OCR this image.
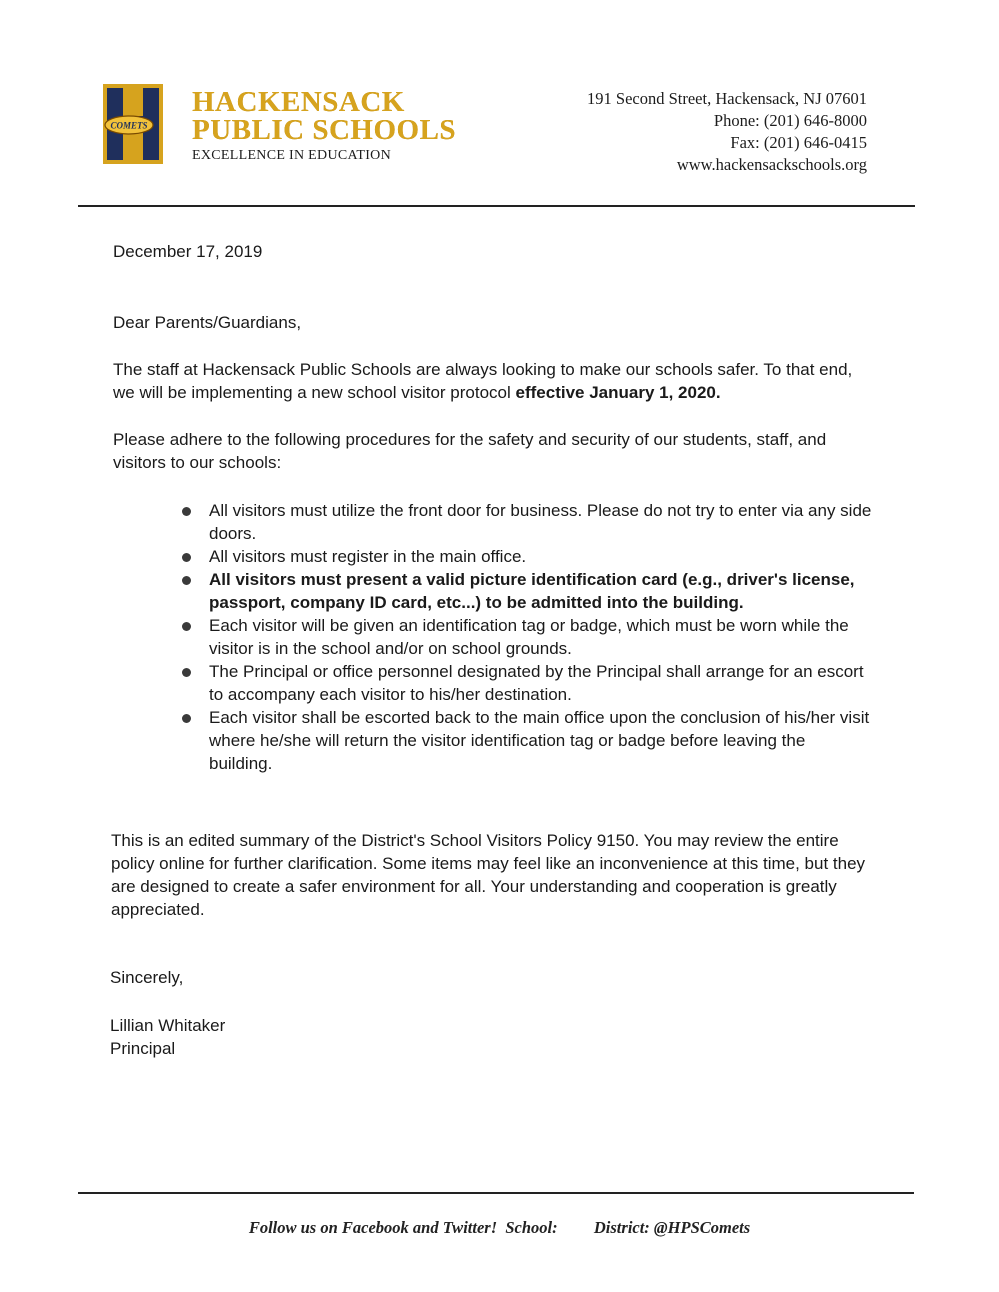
COMETS
HACKENSACK
PUBLIC SCHOOLS
EXCELLENCE IN EDUCATION
191 Second Street, Hackensack, NJ 07601
Phone: (201) 646-8000
Fax: (201) 646-0415
www.hackensackschools.org
December 17, 2019
Dear Parents/Guardians,
The staff at Hackensack Public Schools are always looking to make our schools safer. To that end, we will be implementing a new school visitor protocol effective January 1, 2020.
Please adhere to the following procedures for the safety and security of our students, staff, and visitors to our schools:
All visitors must utilize the front door for business. Please do not try to enter via any side doors.
All visitors must register in the main office.
All visitors must present a valid picture identification card (e.g., driver's license, passport, company ID card, etc...) to be admitted into the building.
Each visitor will be given an identification tag or badge, which must be worn while the visitor is in the school and/or on school grounds.
The Principal or office personnel designated by the Principal shall arrange for an escort to accompany each visitor to his/her destination.
Each visitor shall be escorted back to the main office upon the conclusion of his/her visit where he/she will return the visitor identification tag or badge before leaving the building.
This is an edited summary of the District's School Visitors Policy 9150. You may review the entire policy online for further clarification. Some items may feel like an inconvenience at this time, but they are designed to create a safer environment for all. Your understanding and cooperation is greatly appreciated.
Sincerely,
Lillian Whitaker
Principal
Follow us on Facebook and Twitter! School: District: @HPSComets
